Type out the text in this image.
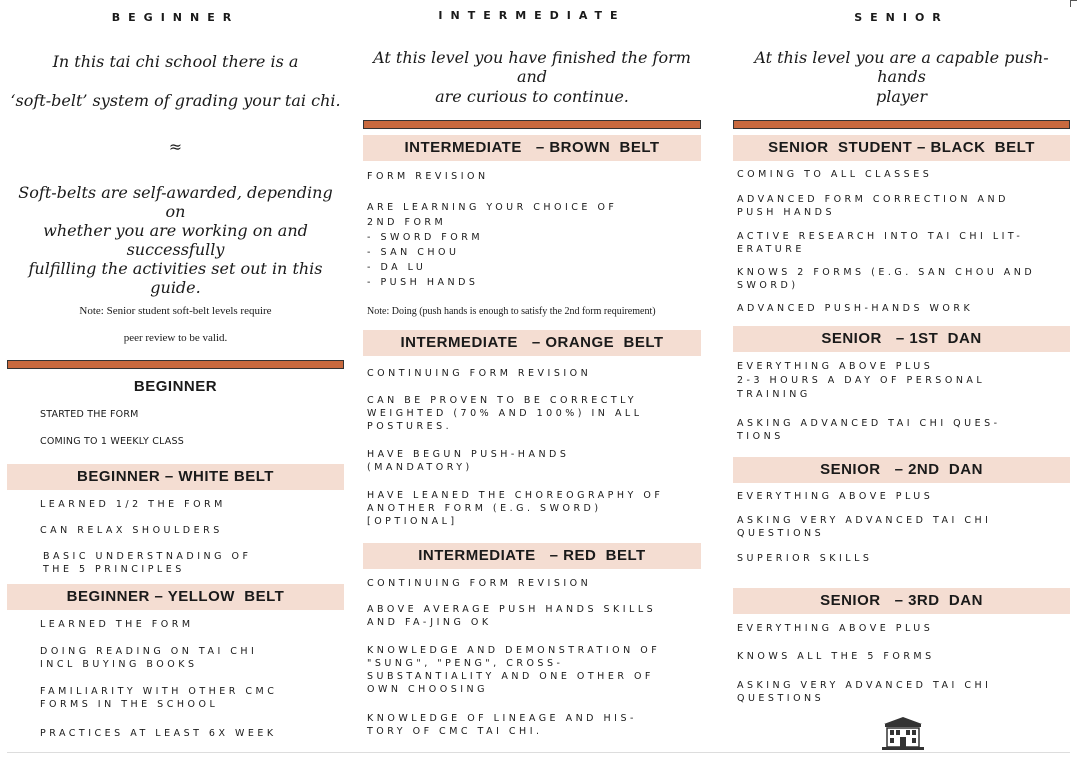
BEGINNER
In this tai chi school there is a
‘soft-belt’ system of grading your tai chi.
≈
Soft-belts are self-awarded, depending on
whether you are working on and successfully
fulfilling the activities set out in this guide.
Note: Senior student soft-belt levels require
peer review to be valid.
BEGINNER
STARTED THE FORM
COMING TO 1 WEEKLY CLASS
BEGINNER – WHITE BELT
LEARNED 1/2 THE FORM
CAN RELAX SHOULDERS
BASIC UNDERSTNADING OF
THE 5 PRINCIPLES
BEGINNER – YELLOW  BELT
LEARNED THE FORM
DOING READING ON TAI CHI
INCL BUYING BOOKS
FAMILIARITY WITH OTHER CMC
FORMS IN THE SCHOOL
PRACTICES AT LEAST 6X WEEK
INTERMEDIATE
At this level you have finished the form and
are curious to continue.
INTERMEDIATE   – BROWN  BELT
FORM REVISION
ARE LEARNING YOUR CHOICE OF
2ND FORM
- SWORD FORM
- SAN CHOU
- DA LU
- PUSH HANDS
Note: Doing (push hands is enough to satisfy the 2nd form requirement)
INTERMEDIATE   – ORANGE  BELT
CONTINUING FORM REVISION
CAN BE PROVEN TO BE CORRECTLY
WEIGHTED (70% AND 100%) IN ALL
POSTURES.
HAVE BEGUN PUSH-HANDS
(MANDATORY)
HAVE LEANED THE CHOREOGRAPHY OF
ANOTHER FORM (E.G. SWORD)
[OPTIONAL]
INTERMEDIATE   – RED  BELT
CONTINUING FORM REVISION
ABOVE AVERAGE PUSH HANDS SKILLS
AND FA-JING OK
KNOWLEDGE AND DEMONSTRATION OF
"SUNG", "PENG", CROSS-
SUBSTANTIALITY AND ONE OTHER OF
OWN CHOOSING
KNOWLEDGE OF LINEAGE AND HIS-
TORY OF CMC TAI CHI.
SENIOR
At this level you are a capable push-hands
player
SENIOR  STUDENT – BLACK  BELT
COMING TO ALL CLASSES
ADVANCED FORM CORRECTION AND
PUSH HANDS
ACTIVE RESEARCH INTO TAI CHI LIT-
ERATURE
KNOWS 2 FORMS (E.G. SAN CHOU AND
SWORD)
ADVANCED PUSH-HANDS WORK
SENIOR   – 1ST  DAN
EVERYTHING ABOVE PLUS
2-3 HOURS A DAY OF PERSONAL
TRAINING
ASKING ADVANCED TAI CHI QUES-
TIONS
SENIOR   – 2ND  DAN
EVERYTHING ABOVE PLUS
ASKING VERY ADVANCED TAI CHI
QUESTIONS
SUPERIOR SKILLS
SENIOR   – 3RD  DAN
EVERYTHING ABOVE PLUS
KNOWS ALL THE 5 FORMS
ASKING VERY ADVANCED TAI CHI
QUESTIONS
